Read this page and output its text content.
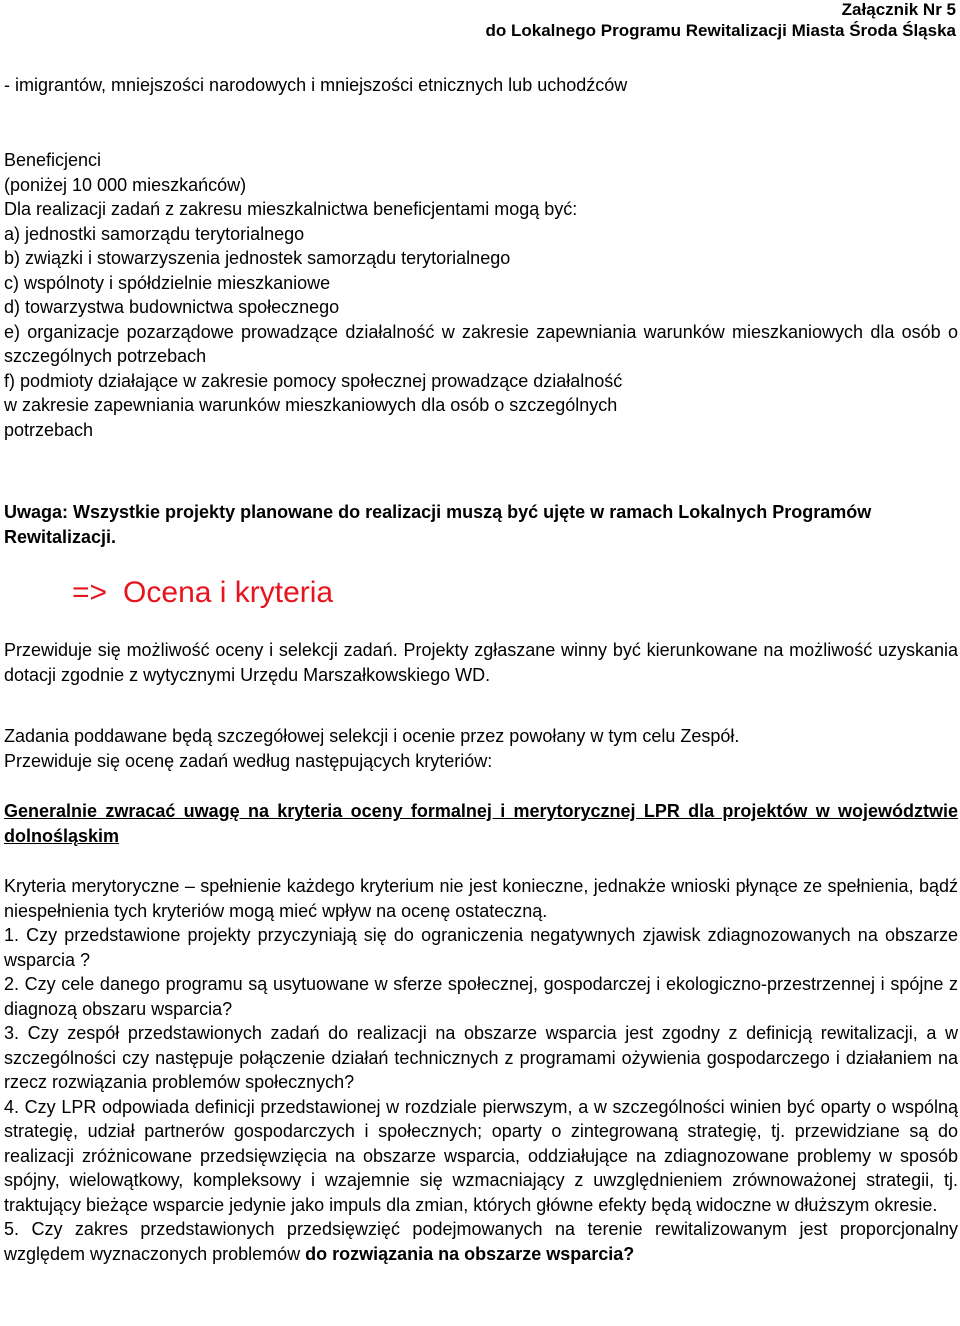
Załącznik Nr 5
do Lokalnego Programu Rewitalizacji Miasta Środa Śląska
- imigrantów, mniejszości narodowych i mniejszości etnicznych lub uchodźców
Beneficjenci
(poniżej 10 000 mieszkańców)
Dla realizacji zadań z zakresu mieszkalnictwa beneficjentami mogą być:
a) jednostki samorządu terytorialnego
b) związki i stowarzyszenia jednostek samorządu terytorialnego
c) wspólnoty i spółdzielnie mieszkaniowe
d) towarzystwa budownictwa społecznego
e) organizacje pozarządowe prowadzące działalność w zakresie zapewniania warunków mieszkaniowych dla osób o szczególnych potrzebach
f) podmioty działające w zakresie pomocy społecznej prowadzące działalność
w zakresie zapewniania warunków mieszkaniowych dla osób o szczególnych
potrzebach
Uwaga: Wszystkie projekty planowane do realizacji muszą być ujęte w ramach Lokalnych Programów Rewitalizacji.
=> Ocena i kryteria
Przewiduje się możliwość oceny i selekcji zadań. Projekty zgłaszane winny być kierunkowane na możliwość uzyskania dotacji zgodnie z wytycznymi Urzędu Marszałkowskiego WD.
Zadania poddawane będą szczegółowej selekcji i ocenie przez powołany w tym celu Zespół.
Przewiduje się ocenę zadań według następujących kryteriów:
Generalnie zwracać uwagę na kryteria oceny formalnej i merytorycznej LPR dla projektów w województwie dolnośląskim
Kryteria merytoryczne – spełnienie każdego kryterium nie jest konieczne, jednakże wnioski płynące ze spełnienia, bądź niespełnienia tych kryteriów mogą mieć wpływ na ocenę ostateczną.
1. Czy przedstawione projekty przyczyniają się do ograniczenia negatywnych zjawisk zdiagnozowanych na obszarze wsparcia ?
2. Czy cele danego programu są usytuowane w sferze społecznej, gospodarczej i ekologiczno-przestrzennej i spójne z diagnozą obszaru wsparcia?
3. Czy zespół przedstawionych zadań do realizacji na obszarze wsparcia jest zgodny z definicją rewitalizacji, a w szczególności czy następuje połączenie działań technicznych z programami ożywienia gospodarczego i działaniem na rzecz rozwiązania problemów społecznych?
4. Czy LPR odpowiada definicji przedstawionej w rozdziale pierwszym, a w szczególności winien być oparty o wspólną strategię, udział partnerów gospodarczych i społecznych; oparty o zintegrowaną strategię, tj. przewidziane są do realizacji zróżnicowane przedsięwzięcia na obszarze wsparcia, oddziałujące na zdiagnozowane problemy w sposób spójny, wielowątkowy, kompleksowy i wzajemnie się wzmacniający z uwzględnieniem zrównoważonej strategii, tj. traktujący bieżące wsparcie jedynie jako impuls dla zmian, których główne efekty będą widoczne w dłuższym okresie.
5. Czy zakres przedstawionych przedsięwzięć podejmowanych na terenie rewitalizowanym jest proporcjonalny względem wyznaczonych problemów do rozwiązania na obszarze wsparcia?
